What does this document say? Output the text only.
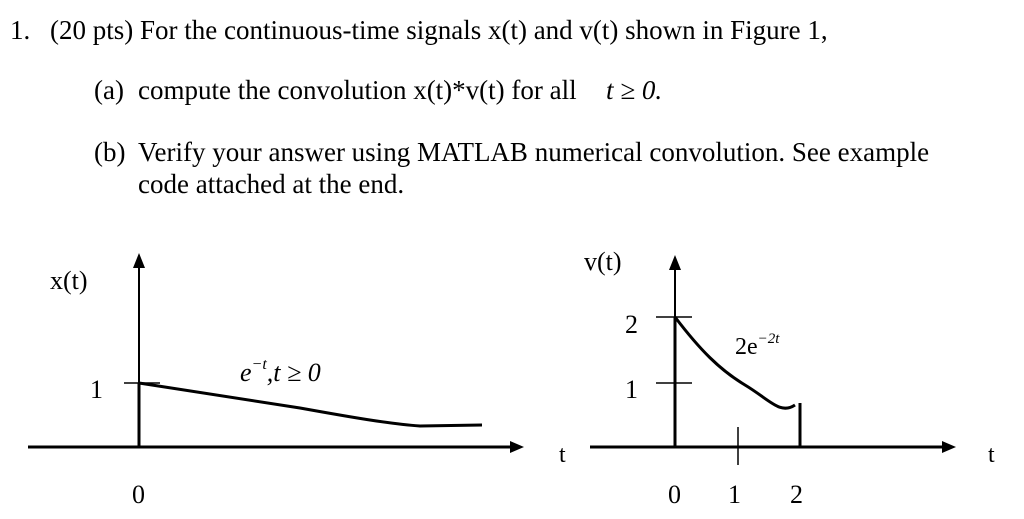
1. (20 pts) For the continuous-time signals x(t) and v(t) shown in Figure 1,
(a) compute the convolution x(t)*v(t) for all t ≥ 0.
(b) Verify your answer using MATLAB numerical convolution. See example
code attached at the end.
x(t)
t
1
0
$e^{-t},t \ge 0$
v(t)
t
2
1
0 1 2
$2e^{-2t}$
